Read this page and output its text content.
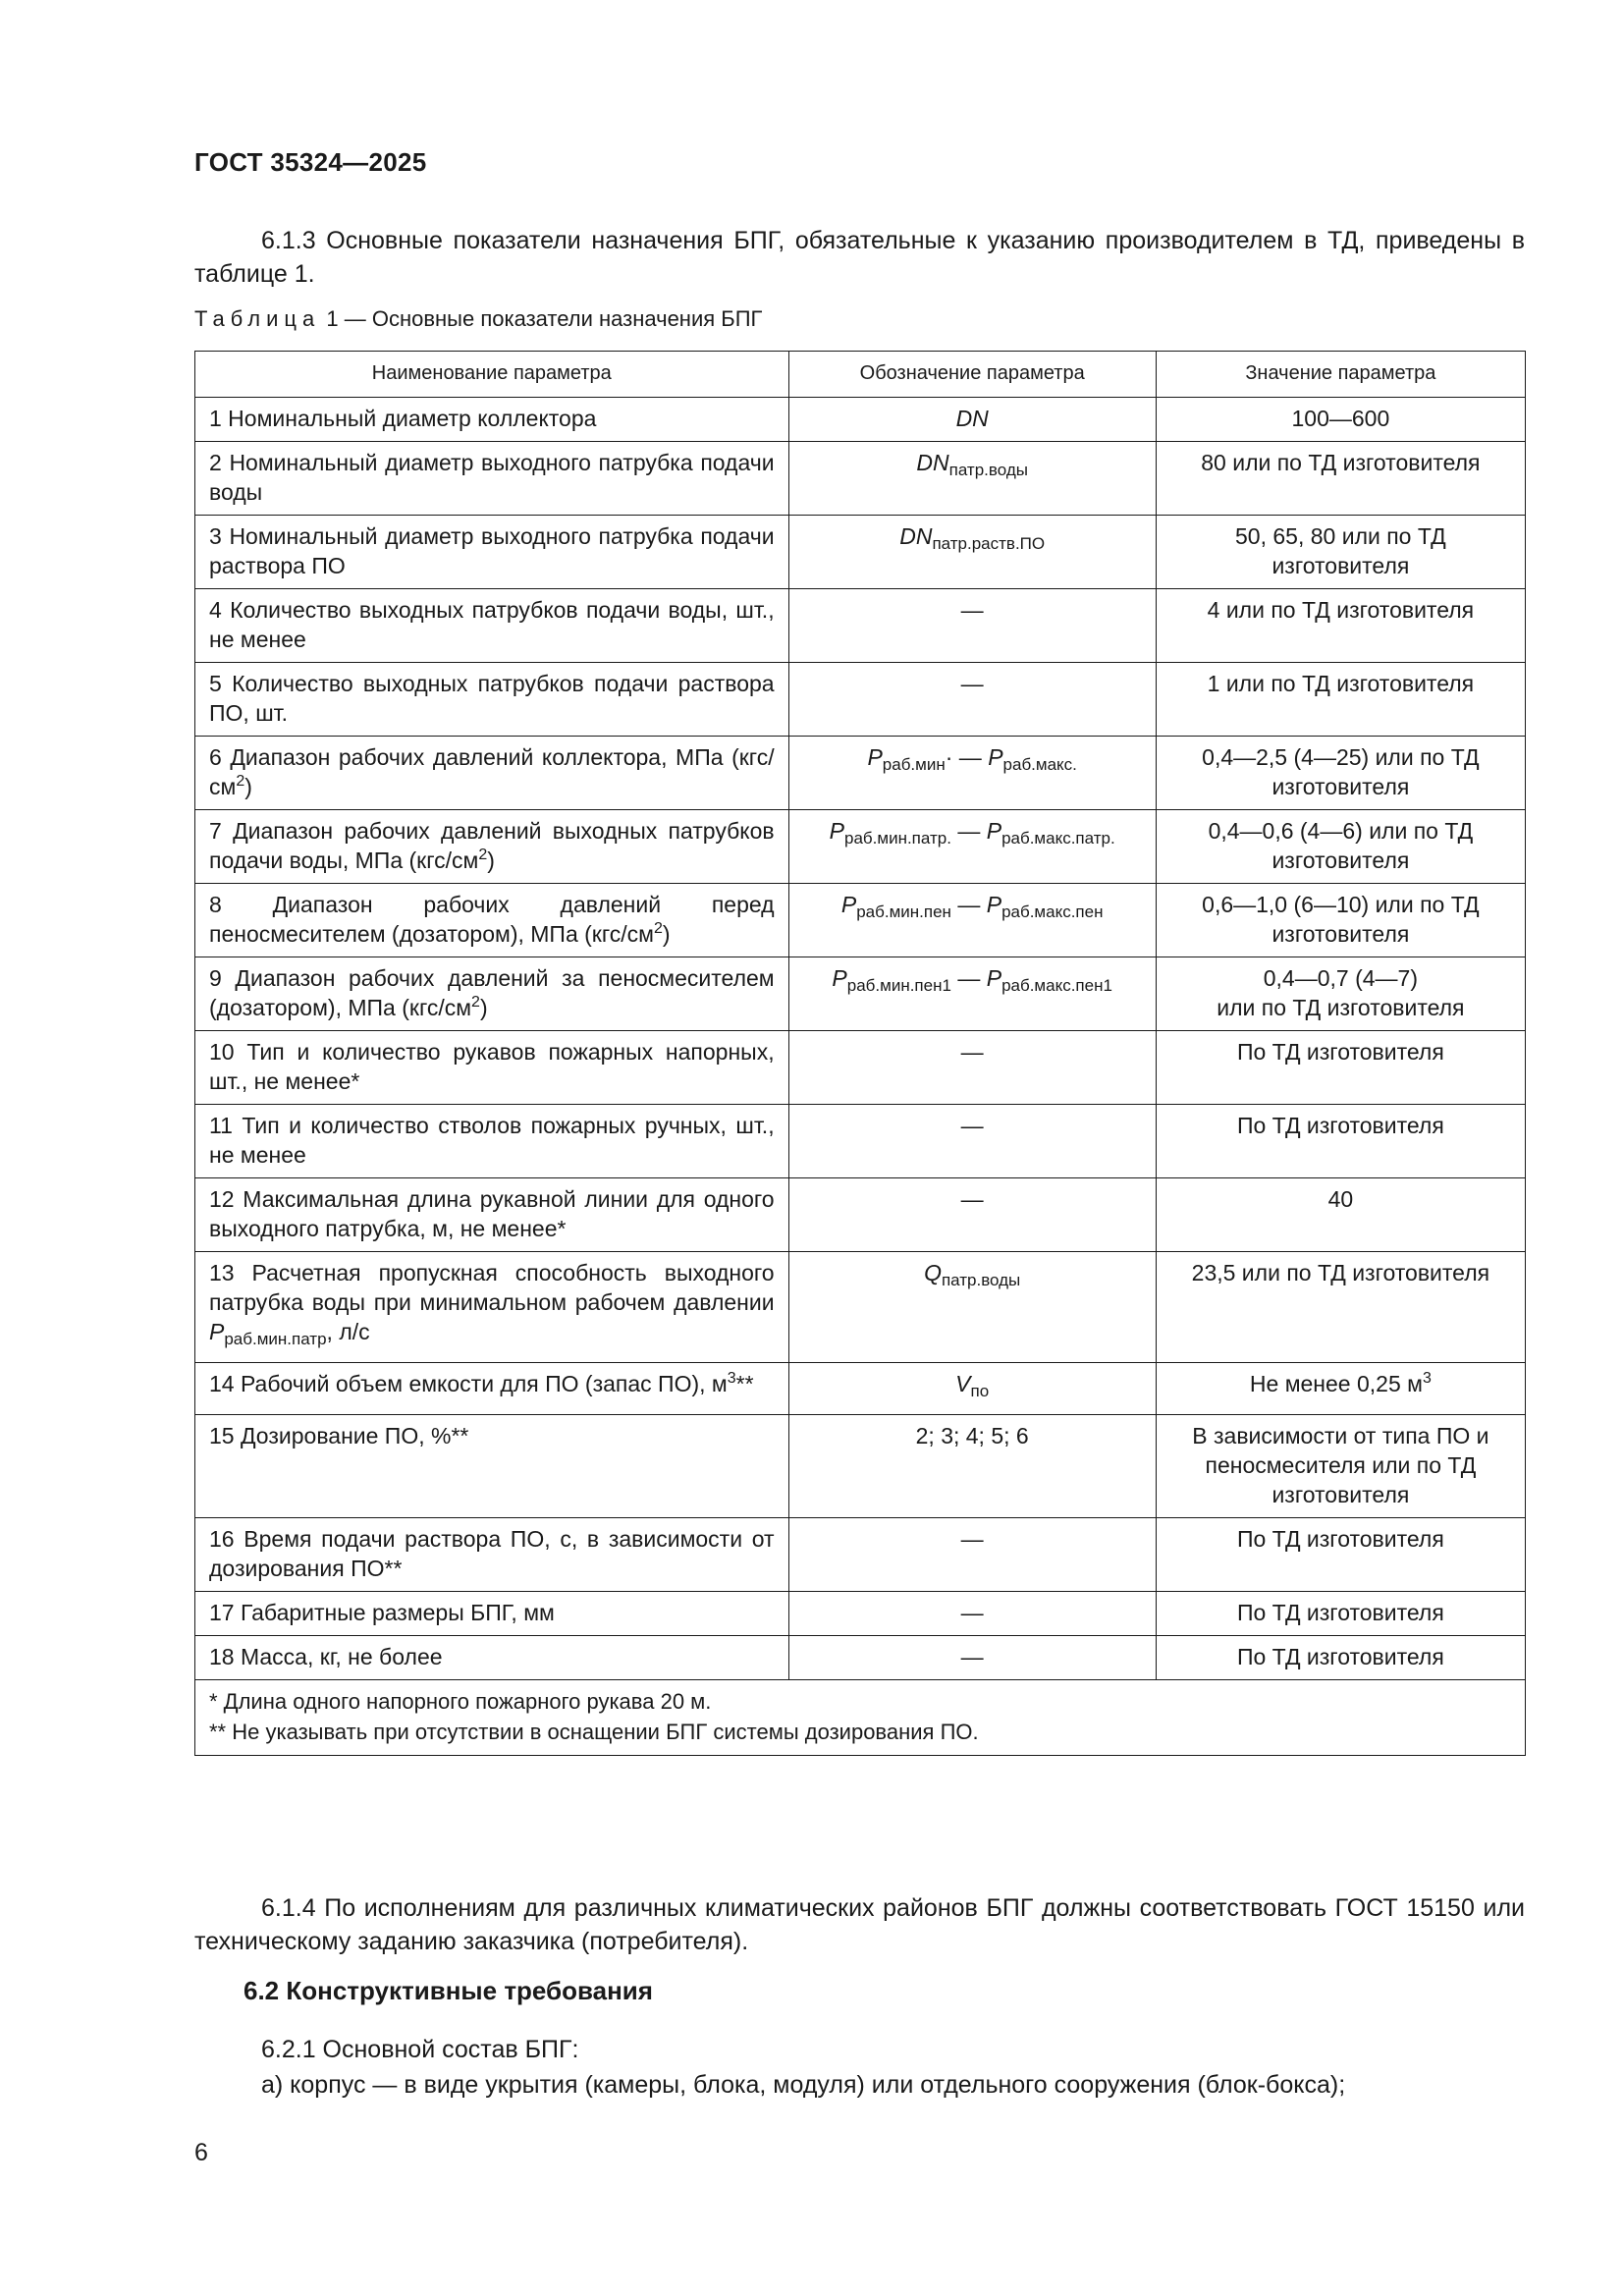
ГОСТ 35324—2025
6.1.3 Основные показатели назначения БПГ, обязательные к указанию производителем в ТД, приведены в таблице 1.
Таблица 1 — Основные показатели назначения БПГ
Наименование параметра	Обозначение параметра	Значение параметра
1 Номинальный диаметр коллектора	DN	100—600
2 Номинальный диаметр выходного патрубка подачи воды	$DN_{патр.воды}$	80 или по ТД изготовителя
3 Номинальный диаметр выходного патрубка подачи раствора ПО	$DN_{патр.раств.ПО}$	50, 65, 80 или по ТД изготовителя
4 Количество выходных патрубков подачи воды, шт., не менее	—	4 или по ТД изготовителя
5 Количество выходных патрубков подачи раствора ПО, шт.	—	1 или по ТД изготовителя
6 Диапазон рабочих давлений коллектора, МПа $(кгс/см^2)$	$P_{раб.мин}\cdot$ — $P_{раб.макс.}$	0,4—2,5 (4—25) или по ТД изготовителя
7 Диапазон рабочих давлений выходных патрубков подачи воды, МПа $(кгс/см^2)$	$P_{раб.мин.патр.}$ — $P_{раб.макс.патр.}$	0,4—0,6 (4—6) или по ТД изготовителя
8 Диапазон рабочих давлений перед пеносмесителем (дозатором), МПа $(кгс/см^2)$	$P_{раб.мин.пен}$ — $P_{раб.макс.пен}$	0,6—1,0 (6—10) или по ТД изготовителя
9 Диапазон рабочих давлений за пеносмесителем (дозатором), МПа $(кгс/см^2)$	$P_{раб.мин.пен1}$ — $P_{раб.макс.пен1}$	0,4—0,7 (4—7)
или по ТД изготовителя

10 Тип и количество рукавов пожарных напорных, шт., не менее*	—	По ТД изготовителя
11 Тип и количество стволов пожарных ручных, шт., не менее	—	По ТД изготовителя
12 Максимальная длина рукавной линии для одного выходного патрубка, м, не менее*	—	40
13 Расчетная пропускная способность выходного патрубка воды при минимальном рабочем давлении $P_{раб.мин.патр}$, л/с	$Q_{патр.воды}$	23,5 или по ТД изготовителя
14 Рабочий объем емкости для ПО (запас ПО), $м^3**$	$V_{по}$	Не менее 0,25 $м^3$
15 Дозирование ПО, %**	2; 3; 4; 5; 6	В зависимости от типа ПО и пеносмесителя или по ТД изготовителя
16 Время подачи раствора ПО, с, в зависимости от дозирования ПО**	—	По ТД изготовителя
17 Габаритные размеры БПГ, мм	—	По ТД изготовителя
18 Масса, кг, не более	—	По ТД изготовителя

* Длина одного напорного пожарного рукава 20 м.
** Не указывать при отсутствии в оснащении БПГ системы дозирования ПО.		
6.1.4 По исполнениям для различных климатических районов БПГ должны соответствовать ГОСТ 15150 или техническому заданию заказчика (потребителя).
6.2 Конструктивные требования
6.2.1 Основной состав БПГ:
а) корпус — в виде укрытия (камеры, блока, модуля) или отдельного сооружения (блок-бокса);
6
